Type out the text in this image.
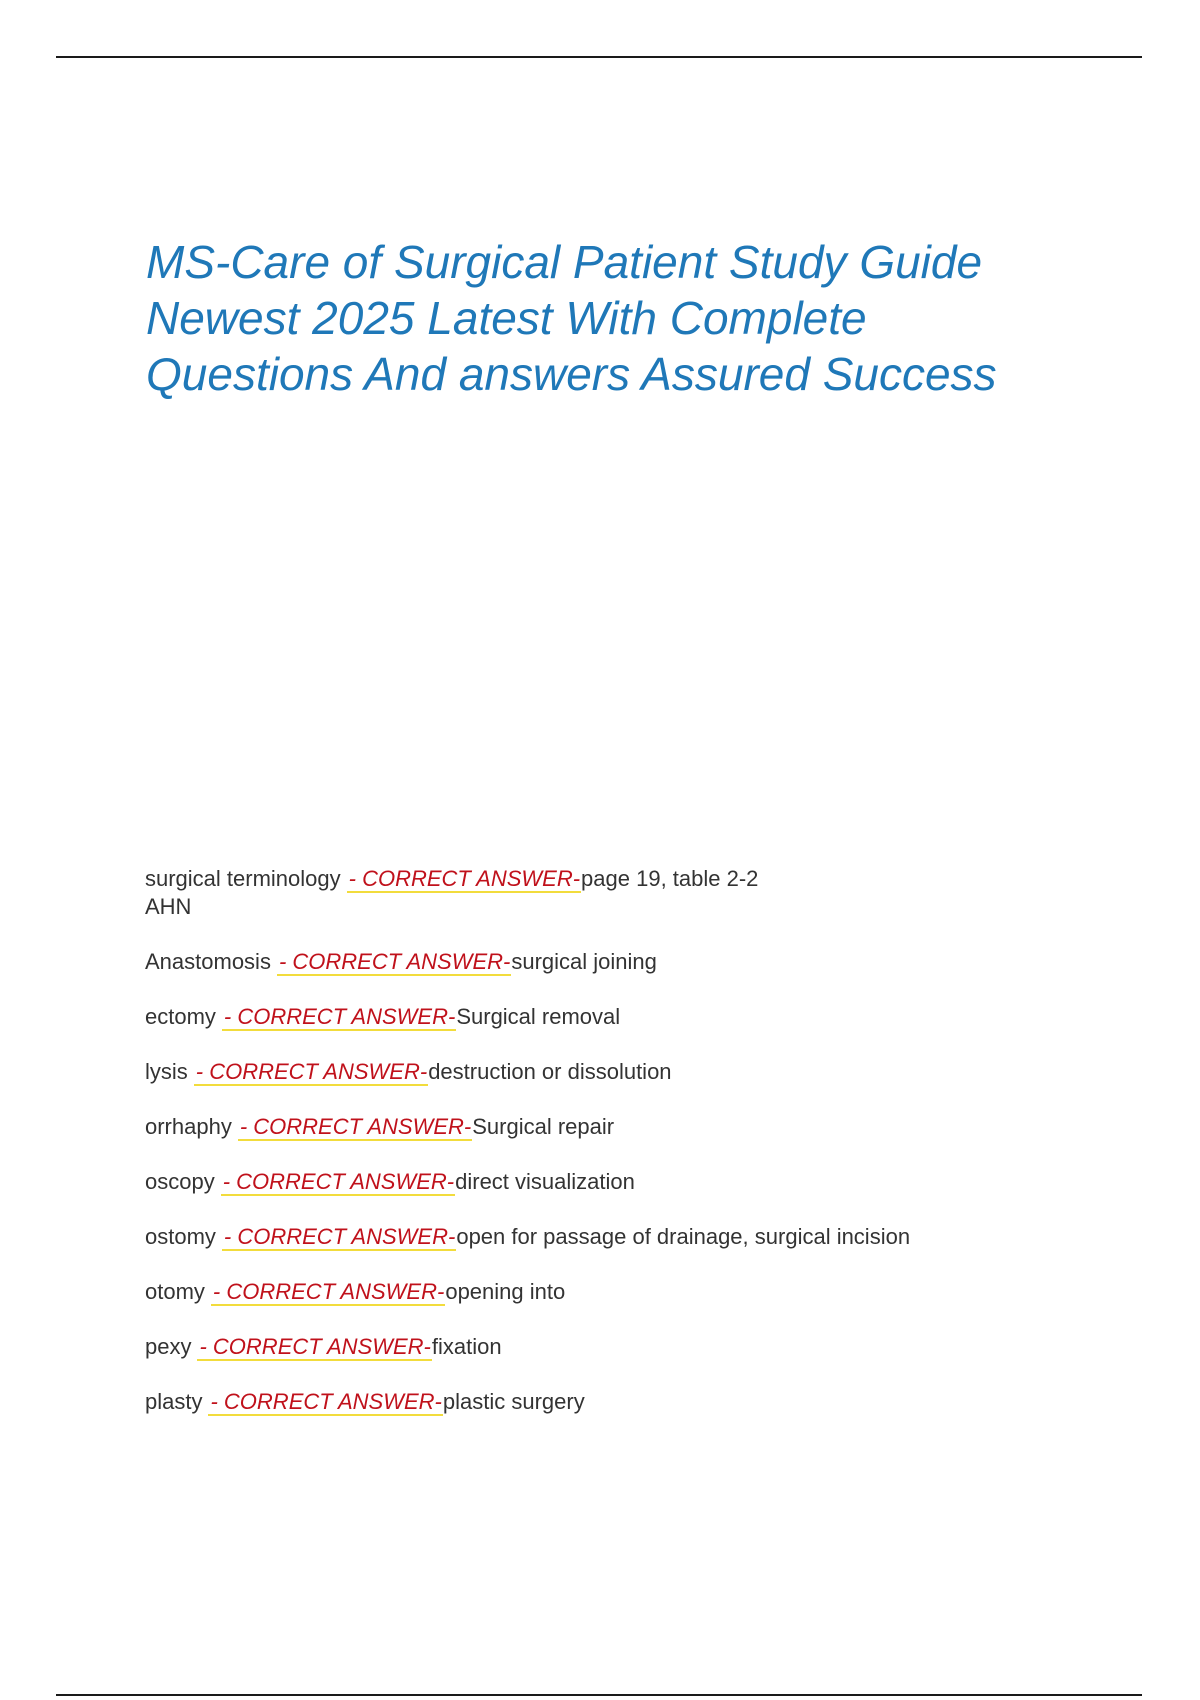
MS-Care of Surgical Patient Study Guide
Newest 2025 Latest With Complete
Questions And answers Assured Success
surgical terminology - CORRECT ANSWER-page 19, table 2-2
AHN
Anastomosis - CORRECT ANSWER-surgical joining
ectomy - CORRECT ANSWER-Surgical removal
lysis - CORRECT ANSWER-destruction or dissolution
orrhaphy - CORRECT ANSWER-Surgical repair
oscopy - CORRECT ANSWER-direct visualization
ostomy - CORRECT ANSWER-open for passage of drainage, surgical incision
otomy - CORRECT ANSWER-opening into
pexy - CORRECT ANSWER-fixation
plasty - CORRECT ANSWER-plastic surgery
